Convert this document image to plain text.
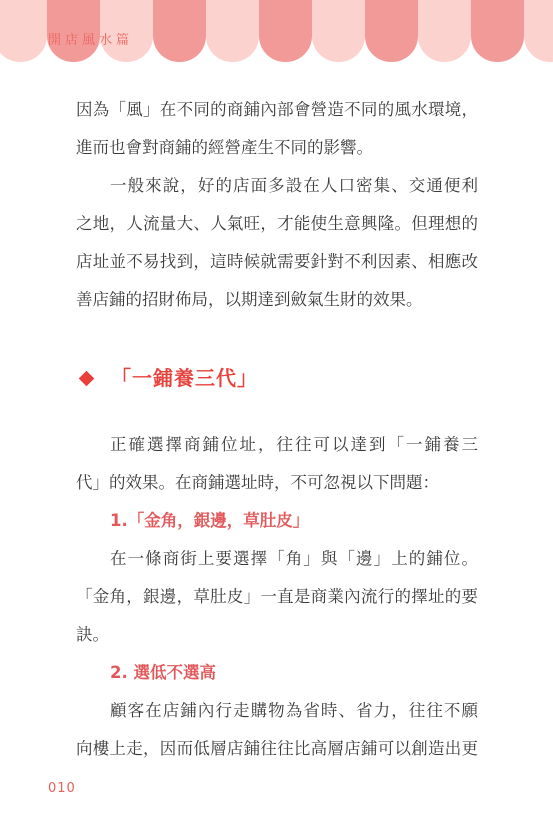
開店風水篇
因為「風」在不同的商鋪內部會營造不同的風水環境，
進而也會對商鋪的經營產生不同的影響。
一般來說，好的店面多設在人口密集、交通便利
之地，人流量大、人氣旺，才能使生意興隆。但理想的
店址並不易找到，這時候就需要針對不利因素、相應改
善店鋪的招財佈局，以期達到斂氣生財的效果。
「一鋪養三代」
正確選擇商鋪位址，往往可以達到「一鋪養三
代」的效果。在商鋪選址時，不可忽視以下問題：
1.「金角，銀邊，草肚皮」
在一條商街上要選擇「角」與「邊」上的鋪位。
「金角，銀邊，草肚皮」一直是商業內流行的擇址的要
訣。
2. 選低不選高
顧客在店鋪內行走購物為省時、省力，往往不願
向樓上走，因而低層店鋪往往比高層店鋪可以創造出更
010
